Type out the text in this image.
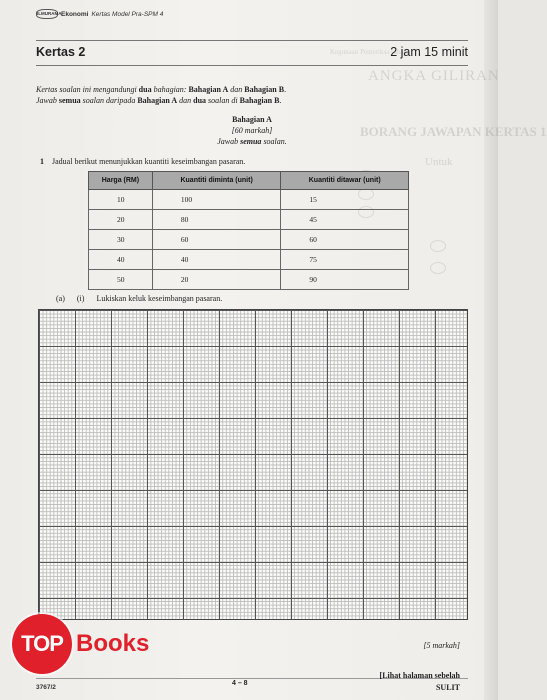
ANGKA GILIRAN
BORANG JAWAPAN KERTAS 1
Kegunaan Pemeriksa sahaja
Untuk
ILMURAMA Ekonomi Kertas Model Pra-SPM 4
Kertas 2	2 jam 15 minit
Kertas soalan ini mengandungi dua bahagian: Bahagian A dan Bahagian B.
Jawab semua soalan daripada Bahagian A dan dua soalan di Bahagian B.
Bahagian A
[60 markah]
Jawab semua soalan.
1 Jadual berikut menunjukkan kuantiti keseimbangan pasaran.
Harga (RM)	Kuantiti diminta (unit)	Kuantiti ditawar (unit)
10	100	15
20	80	45
30	60	60
40	40	75
50	20	90
(a) (i) Lukiskan keluk keseimbangan pasaran.
[5 markah]
TOP Books
3767/2
4 – 8
[Lihat halaman sebelah
SULIT
